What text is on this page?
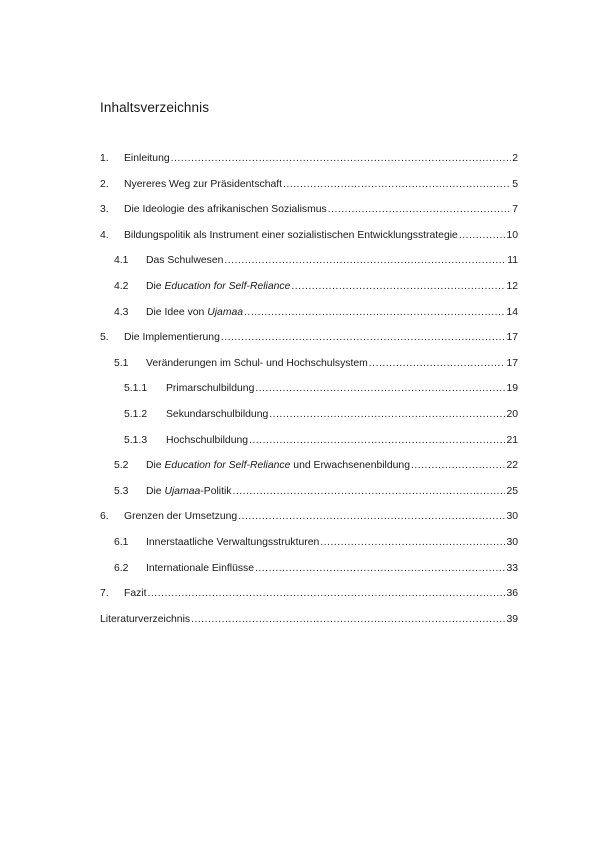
Inhaltsverzeichnis
1.	Einleitung .....	2
2.	Nyereres Weg zur Präsidentschaft .....	5
3.	Die Ideologie des afrikanischen Sozialismus .....	7
4.	Bildungspolitik als Instrument einer sozialistischen Entwicklungsstrategie .....	10
4.1	Das Schulwesen .....	11
4.2	Die Education for Self-Reliance .....	12
4.3	Die Idee von Ujamaa .....	14
5.	Die Implementierung .....	17
5.1	Veränderungen im Schul- und Hochschulsystem .....	17
5.1.1	Primarschulbildung .....	19
5.1.2	Sekundarschulbildung .....	20
5.1.3	Hochschulbildung .....	21
5.2	Die Education for Self-Reliance und Erwachsenenbildung .....	22
5.3	Die Ujamaa-Politik .....	25
6.	Grenzen der Umsetzung .....	30
6.1	Innerstaatliche Verwaltungsstrukturen .....	30
6.2	Internationale Einflüsse .....	33
7.	Fazit .....	36
Literaturverzeichnis .....	39
